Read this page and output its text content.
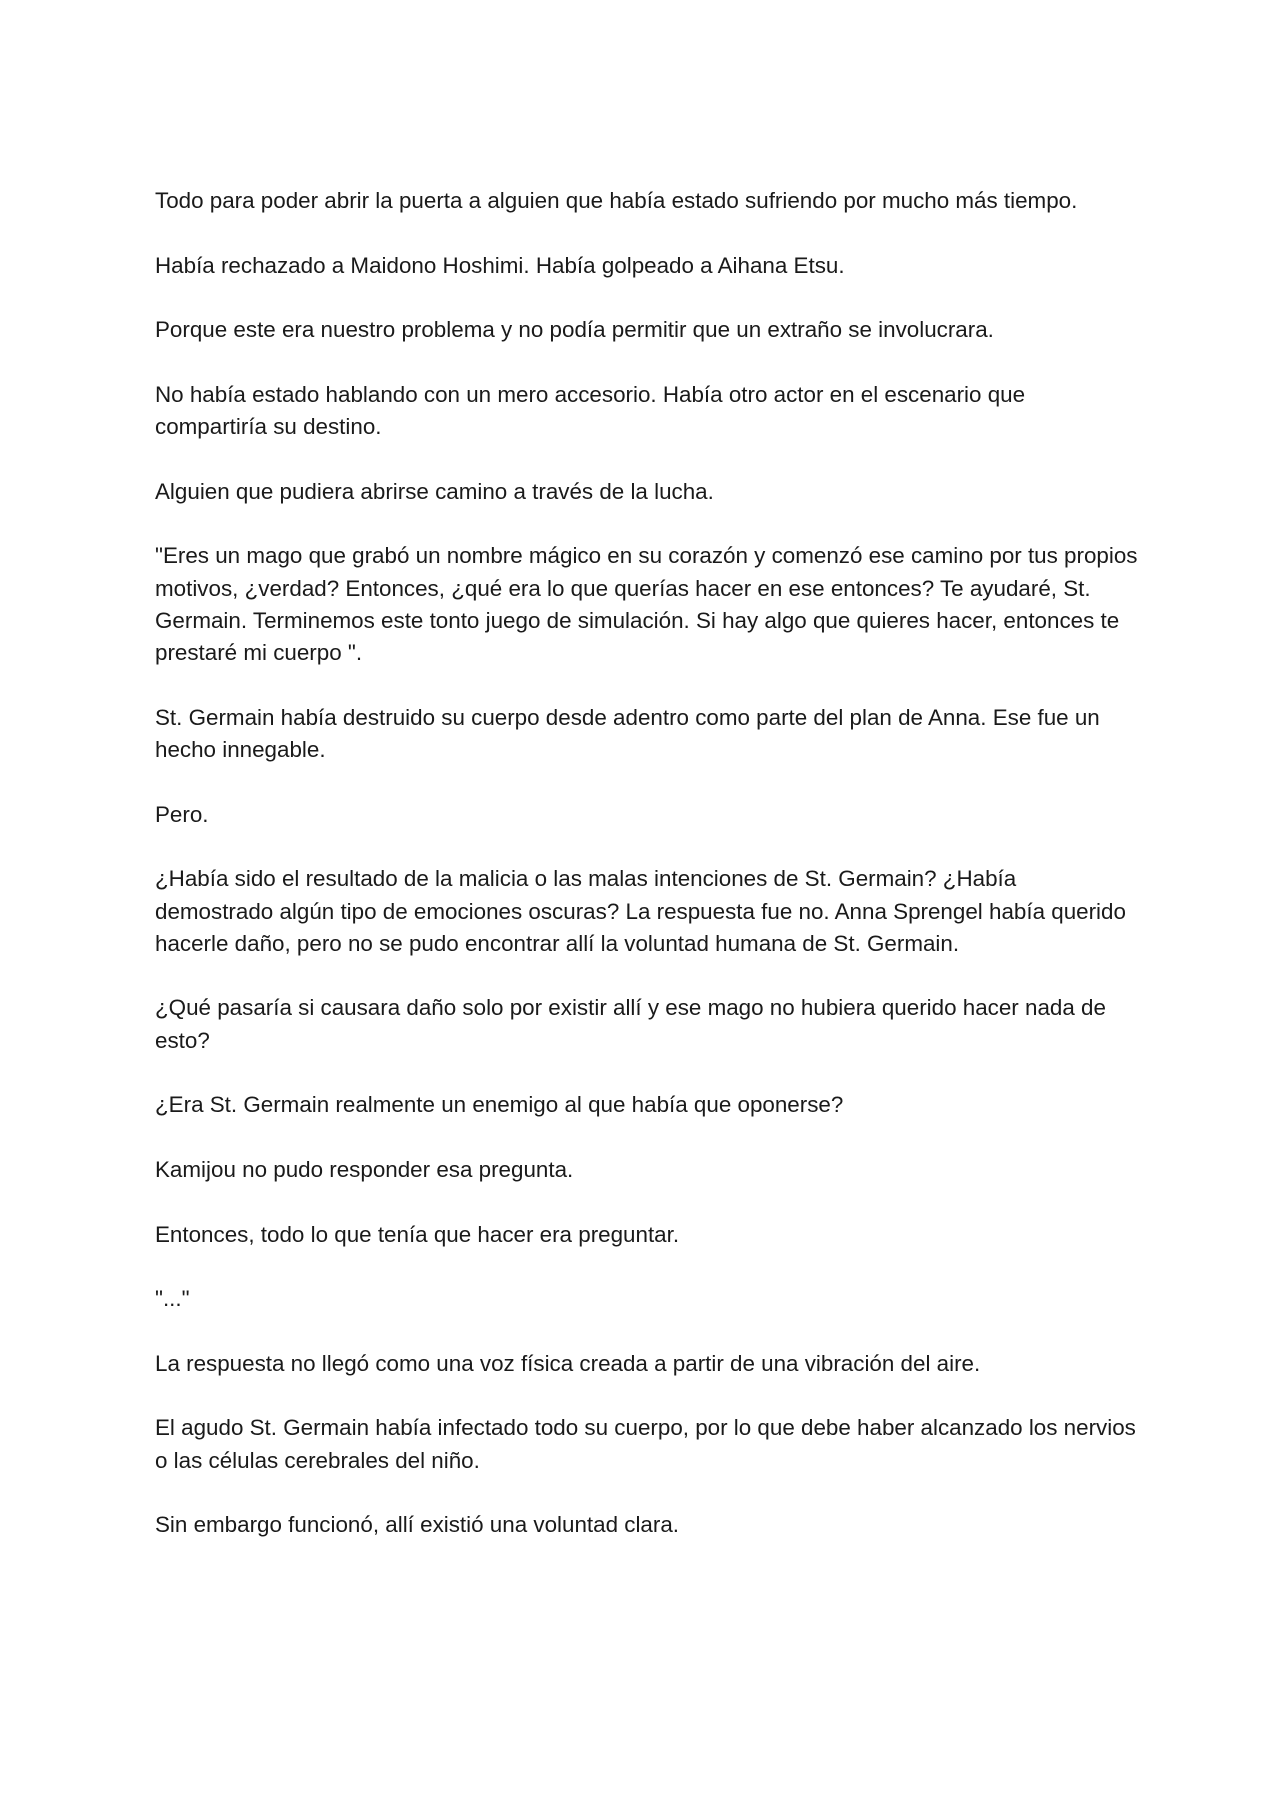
Todo para poder abrir la puerta a alguien que había estado sufriendo por mucho más tiempo.

Había rechazado a Maidono Hoshimi. Había golpeado a Aihana Etsu.

Porque este era nuestro problema y no podía permitir que un extraño se involucrara.

No había estado hablando con un mero accesorio. Había otro actor en el escenario que compartiría su destino.

Alguien que pudiera abrirse camino a través de la lucha.

"Eres un mago que grabó un nombre mágico en su corazón y comenzó ese camino por tus propios motivos, ¿verdad? Entonces, ¿qué era lo que querías hacer en ese entonces? Te ayudaré, St. Germain. Terminemos este tonto juego de simulación. Si hay algo que quieres hacer, entonces te prestaré mi cuerpo ".

St. Germain había destruido su cuerpo desde adentro como parte del plan de Anna. Ese fue un hecho innegable.

Pero.

¿Había sido el resultado de la malicia o las malas intenciones de St. Germain? ¿Había demostrado algún tipo de emociones oscuras? La respuesta fue no. Anna Sprengel había querido hacerle daño, pero no se pudo encontrar allí la voluntad humana de St. Germain.

¿Qué pasaría si causara daño solo por existir allí y ese mago no hubiera querido hacer nada de esto?

¿Era St. Germain realmente un enemigo al que había que oponerse?

Kamijou no pudo responder esa pregunta.

Entonces, todo lo que tenía que hacer era preguntar.

"..."

La respuesta no llegó como una voz física creada a partir de una vibración del aire.

El agudo St. Germain había infectado todo su cuerpo, por lo que debe haber alcanzado los nervios o las células cerebrales del niño.

Sin embargo funcionó, allí existió una voluntad clara.
